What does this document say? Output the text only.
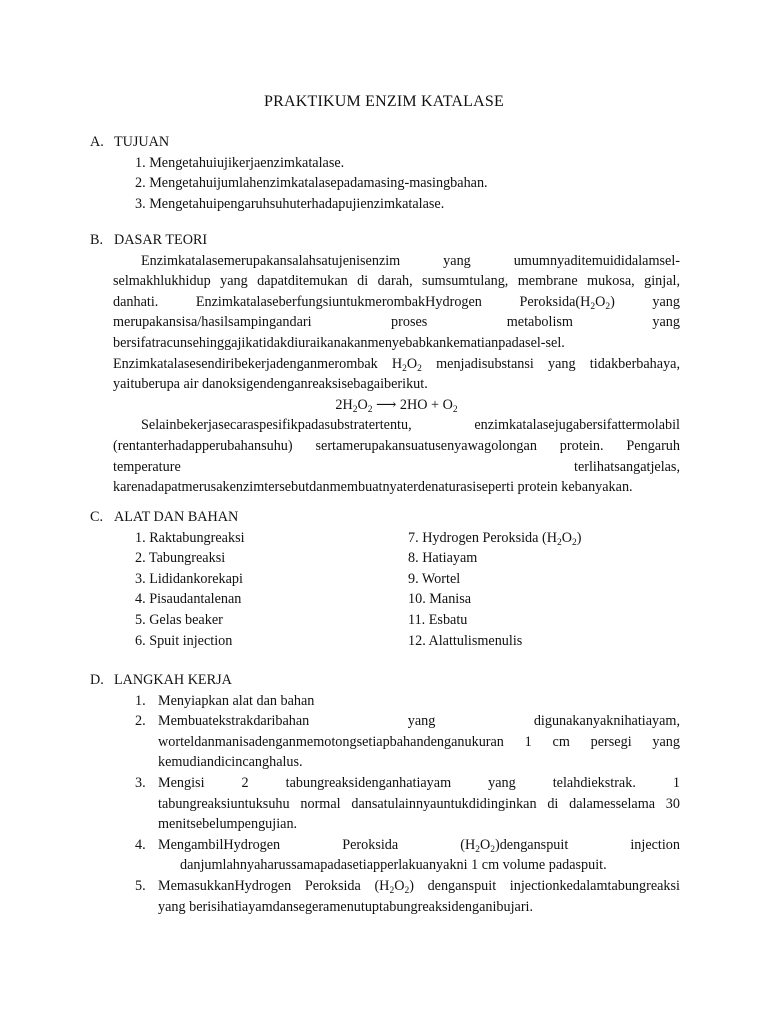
PRAKTIKUM ENZIM KATALASE
A. TUJUAN
1. Mengetahuiujikerjaenzimkatalase.
2. Mengetahuijumlahenzimkatalasepadamasing-masingbahan.
3. Mengetahuipengaruhsuhuterhadapujienzimkatalase.
B. DASAR TEORI

Enzimkatalasemerupakansalahsatujenisenzim yang umumnyaditemuididalamsel-

selmakhlukhidup yang dapatditemukan di darah, sumsumtulang, membrane mukosa, ginjal,

danhati. EnzimkatalaseberfungsiuntukmerombakHydrogen $Peroksida(H_2O_2)$ yang

merupakansisa/hasilsampingandari proses metabolism yang

bersifatracunsehinggajikatidakdiuraikanakanmenyebabkankematianpadasel-sel.

Enzimkatalasesendiribekerjadenganmerombak $H_2O_2$ menjadisubstansi yang tidakberbahaya,

yaituberupa air danoksigendenganreaksisebagaiberikut.

$2H_2O_2$ ⟶ $2HO + O_2$

Selainbekerjasecaraspesifikpadasubstratertentu, enzimkatalasejugabersifattermolabil

(rentanterhadapperubahansuhu) sertamerupakansuatusenyawagolongan protein. Pengaruh

temperature terlihatsangatjelas,

karenadapatmerusakenzimtersebutdanmembuatnyaterdenaturasiseperti protein kebanyakan.

C. ALAT DAN BAHAN
1. Raktabungreaksi
2. Tabungreaksi
3. Lididankorekapi
4. Pisaudantalenan
5. Gelas beaker
6. Spuit injection
7. Hydrogen Peroksida $(H_2O_2)$
8. Hatiayam
9. Wortel
10. Manisa
11. Esbatu
12. Alattulismenulis
D. LANGKAH KERJA
1. Menyiapkan alat dan bahan

2. Membuatekstrakdaribahan yang digunakanyaknihatiayam,

worteldanmanisadenganmemotongsetiapbahandenganukuran 1 cm persegi yang

kemudiandicincanghalus.

3. Mengisi 2 tabungreaksidenganhatiayam yang telahdiekstrak. 1

tabungreaksiuntuksuhu normal dansatulainnyauntukdidinginkan di dalamesselama 30

menitsebelumpengujian.

4. MengambilHydrogen Peroksida $(H_2O_2)denganspuit$ injection

danjumlahnyaharussamapadasetiapperlakuanyakni 1 cm volume padaspuit.

5. MemasukkanHydrogen Peroksida $(H_2O_2)$ denganspuit injectionkedalamtabungreaksi

yang berisihatiayamdansegeramenutuptabungreaksidenganibujari.
